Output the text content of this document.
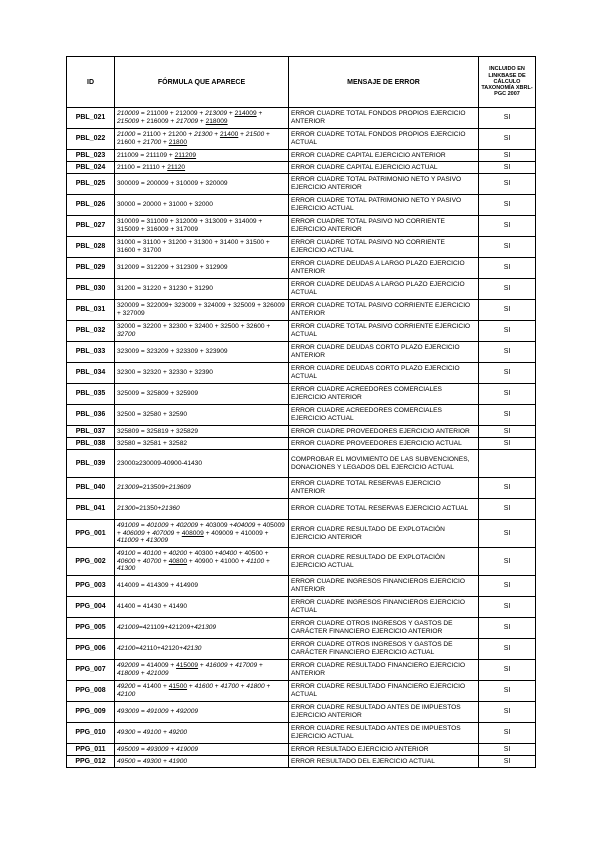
ID	FÓRMULA QUE APARECE	MENSAJE DE ERROR	INCLUIDO EN LINKBASE DE CÁLCULO TAXONOMÍA XBRL-PGC 2007
PBL_021	210009 = 211009 + 212009 + 213009 + 214009 + 215009 + 216009 + 217009 + 218009	ERROR CUADRE TOTAL FONDOS PROPIOS EJERCICIO ANTERIOR	SI
PBL_022	21000 = 21100 + 21200 + 21300 + 21400 + 21500 + 21600 + 21700 + 21800	ERROR CUADRE TOTAL FONDOS PROPIOS EJERCICIO ACTUAL	SI
PBL_023	211009 = 211109 + 211209	ERROR CUADRE CAPITAL EJERCICIO ANTERIOR	SI
PBL_024	21100 = 21110 + 21120	ERROR CUADRE CAPITAL EJERCICIO ACTUAL	SI
PBL_025	300009 = 200009 + 310009 + 320009	ERROR CUADRE TOTAL PATRIMONIO NETO Y PASIVO EJERCICIO ANTERIOR	SI
PBL_026	30000 = 20000 + 31000 + 32000	ERROR CUADRE TOTAL PATRIMONIO NETO Y PASIVO EJERCICIO ACTUAL	SI
PBL_027	310009 = 311009 + 312009 + 313009 + 314009 + 315009 + 316009 + 317009	ERROR CUADRE TOTAL PASIVO NO CORRIENTE EJERCICIO ANTERIOR	SI
PBL_028	31000 = 31100 + 31200 + 31300 + 31400 + 31500 + 31600 + 31700	ERROR CUADRE TOTAL PASIVO NO CORRIENTE EJERCICIO ACTUAL	SI
PBL_029	312009 = 312209 + 312309 + 312909	ERROR CUADRE DEUDAS A LARGO PLAZO EJERCICIO ANTERIOR	SI
PBL_030	31200 = 31220 + 31230 + 31290	ERROR CUADRE DEUDAS A LARGO PLAZO EJERCICIO ACTUAL	SI
PBL_031	320009 = 322009+ 323009 + 324009 + 325009 + 326009 + 327009	ERROR CUADRE TOTAL PASIVO CORRIENTE EJERCICIO ANTERIOR	SI
PBL_032	32000 = 32200 + 32300 + 32400 + 32500 + 32600 + 32700	ERROR CUADRE TOTAL PASIVO CORRIENTE EJERCICIO ACTUAL	SI
PBL_033	323009 = 323209 + 323309 + 323909	ERROR CUADRE DEUDAS CORTO PLAZO EJERCICIO ANTERIOR	SI
PBL_034	32300 = 32320 + 32330 + 32390	ERROR CUADRE DEUDAS CORTO PLAZO EJERCICIO ACTUAL	SI
PBL_035	325009 = 325809 + 325909	ERROR CUADRE ACREEDORES COMERCIALES EJERCICIO ANTERIOR	SI
PBL_036	32500 = 32580 + 32590	ERROR CUADRE ACREEDORES COMERCIALES EJERCICIO ACTUAL	SI
PBL_037	325809 = 325819 + 325829	ERROR CUADRE PROVEEDORES EJERCICIO ANTERIOR	SI
PBL_038	32580 = 32581 + 32582	ERROR CUADRE PROVEEDORES EJERCICIO ACTUAL	SI
PBL_039	23000≥230009-40900-41430	COMPROBAR EL MOVIMIENTO DE LAS SUBVENCIONES, DONACIONES Y LEGADOS DEL EJERCICIO ACTUAL	
PBL_040	213009=213509+213609	ERROR CUADRE TOTAL RESERVAS EJERCICIO ANTERIOR	SI
PBL_041	21300=21350+21360	ERROR CUADRE TOTAL RESERVAS EJERCICIO ACTUAL	SI
PPG_001	491009 = 401009 + 402009 + 403009 +404009 + 405009 + 406009 + 407009 + 408009 + 409009 + 410009 + 411009 + 413009	ERROR CUADRE RESULTADO DE EXPLOTACIÓN EJERCICIO ANTERIOR	SI
PPG_002	49100 = 40100 + 40200 + 40300 +40400 + 40500 + 40600 + 40700 + 40800 + 40900 + 41000 + 41100 + 41300	ERROR CUADRE RESULTADO DE EXPLOTACIÓN EJERCICIO ACTUAL	SI
PPG_003	414009 = 414309 + 414909	ERROR CUADRE INGRESOS FINANCIEROS EJERCICIO ANTERIOR	SI
PPG_004	41400 = 41430 + 41490	ERROR CUADRE INGRESOS FINANCIEROS EJERCICIO ACTUAL	SI
PPG_005	421009=421109+421209+421309	ERROR CUADRE OTROS INGRESOS Y GASTOS DE CARÁCTER FINANCIERO EJERCICIO ANTERIOR	SI
PPG_006	42100=42110+42120+42130	ERROR CUADRE OTROS INGRESOS Y GASTOS DE CARÁCTER FINANCIERO EJERCICIO ACTUAL	SI
PPG_007	492009 = 414009 + 415009 + 416009 + 417009 + 418009 + 421009	ERROR CUADRE RESULTADO FINANCIERO EJERCICIO ANTERIOR	SI
PPG_008	49200 = 41400 + 41500 + 41600 + 41700 + 41800 + 42100	ERROR CUADRE RESULTADO FINANCIERO EJERCICIO ACTUAL	SI
PPG_009	493009 = 491009 + 492009	ERROR CUADRE RESULTADO ANTES DE IMPUESTOS EJERCICIO ANTERIOR	SI
PPG_010	49300 = 49100 + 49200	ERROR CUADRE RESULTADO ANTES DE IMPUESTOS EJERCICIO ACTUAL	SI
PPG_011	495009 = 493009 + 419009	ERROR RESULTADO EJERCICIO ANTERIOR	SI
PPG_012	49500 = 49300 + 41900	ERROR RESULTADO DEL EJERCICIO ACTUAL	SI
